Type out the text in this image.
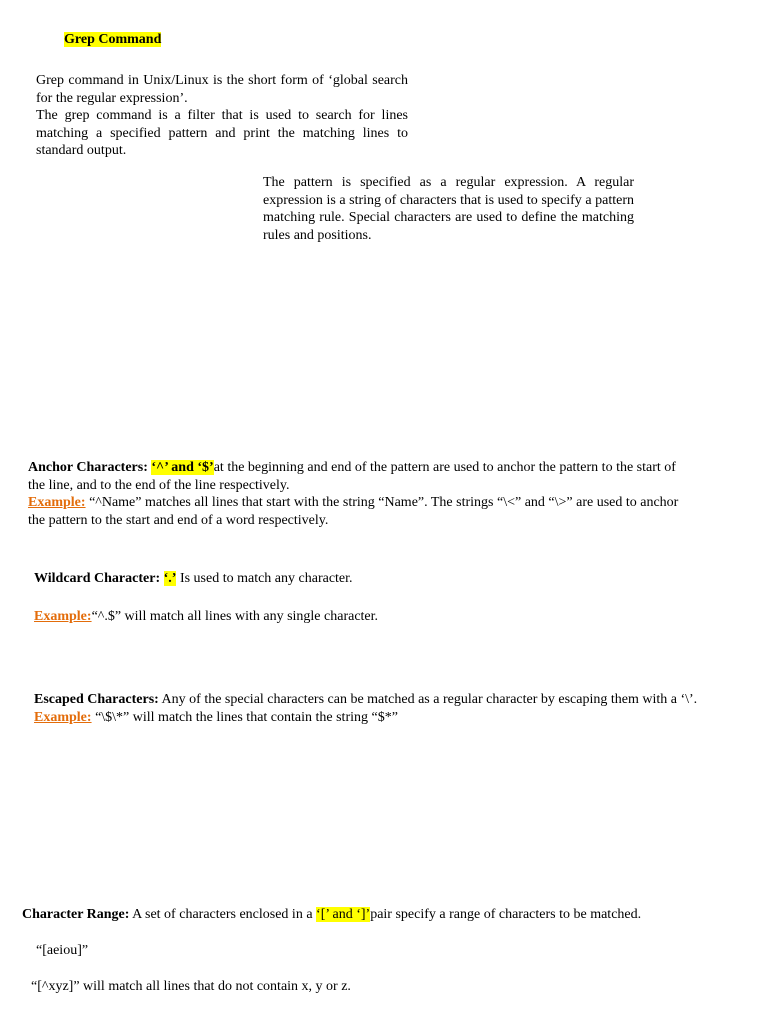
Grep Command

Grep command in Unix/Linux is the short form of ‘global search for the regular expression’.

The grep command is a filter that is used to search for lines matching a specified pattern and print the matching lines to standard output.

The pattern is specified as a regular expression. A regular expression is a string of characters that is used to specify a pattern matching rule. Special characters are used to define the matching rules and positions.

Anchor Characters: ‘^’ and ‘$’at the beginning and end of the pattern are used to anchor the pattern to the start of the line, and to the end of the line respectively.

Example: “^Name” matches all lines that start with the string “Name”. The strings “\<” and “\>” are used to anchor the pattern to the start and end of a word respectively.

Wildcard Character: ‘.’ Is used to match any character.

Example:“^.$” will match all lines with any single character.

Escaped Characters: Any of the special characters can be matched as a regular character by escaping them with a ‘\’.

Example: “\$\*” will match the lines that contain the string “$*”

Character Range: A set of characters enclosed in a ‘[’ and ‘]’pair specify a range of characters to be matched.

“[aeiou]”

“[^xyz]” will match all lines that do not contain x, y or z.
